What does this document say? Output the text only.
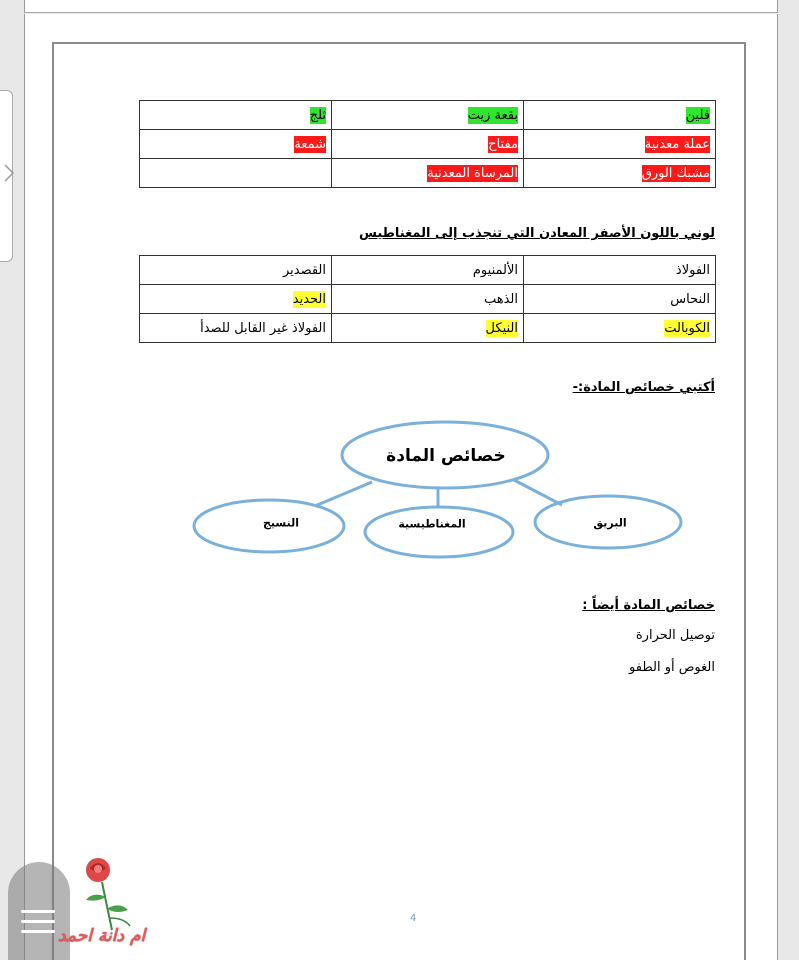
فلين	بقعة زيت	ثلج
عملة معدنية	مفتاح	شمعة
مشبك الورق	المرساة المعدنية	
لوني باللون الأصفر المعادن التي تنجذب إلى المغناطيس
الفولاذ	الألمنيوم	القصدير
النحاس	الذهب	الحديد
الكوبالت	النيكل	الفولاذ غير القابل للصدأ
أكتبي خصائص المادة:-
خصائص المادة
البريق
المغناطيسية
النسيج
خصائص المادة أيضاً :
توصيل الحرارة
الغوص أو الطفو
4
ام دانة احمد
